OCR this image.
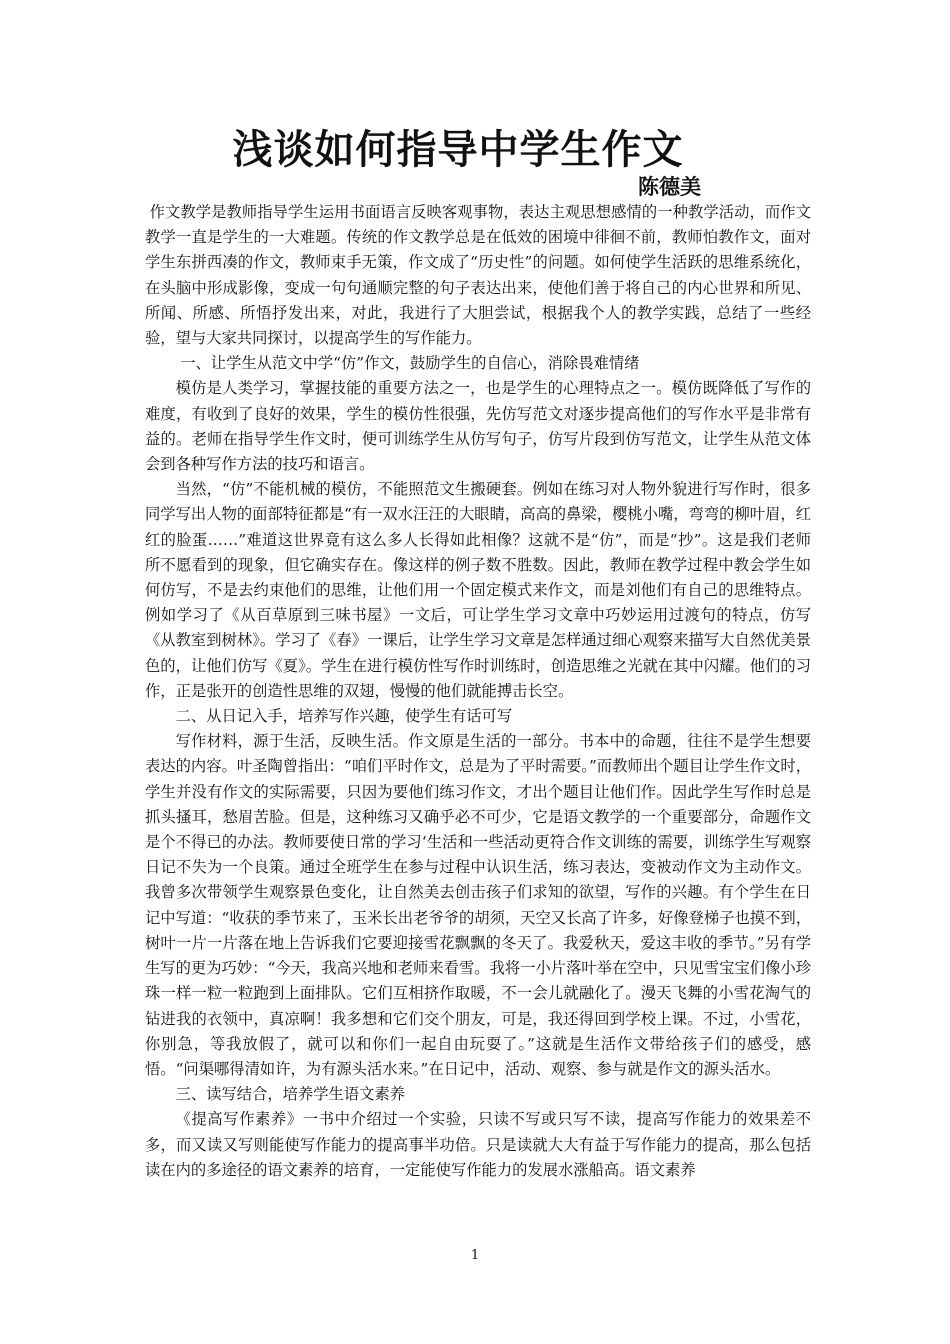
浅谈如何指导中学生作文
陈德美

作文教学是教师指导学生运用书面语言反映客观事物，表达主观思想感情的一种教学活动，而作文教学一直是学生的一大难题。传统的作文教学总是在低效的困境中徘徊不前，教师怕教作文，面对学生东拼西凑的作文，教师束手无策，作文成了“历史性”的问题。如何使学生活跃的思维系统化，在头脑中形成影像，变成一句句通顺完整的句子表达出来，使他们善于将自己的内心世界和所见、所闻、所感、所悟抒发出来，对此，我进行了大胆尝试，根据我个人的教学实践，总结了一些经验，望与大家共同探讨，以提高学生的写作能力。

一、让学生从范文中学“仿”作文，鼓励学生的自信心，消除畏难情绪

模仿是人类学习，掌握技能的重要方法之一，也是学生的心理特点之一。模仿既降低了写作的难度，有收到了良好的效果，学生的模仿性很强，先仿写范文对逐步提高他们的写作水平是非常有益的。老师在指导学生作文时，便可训练学生从仿写句子，仿写片段到仿写范文，让学生从范文体会到各种写作方法的技巧和语言。

当然，“仿”不能机械的模仿，不能照范文生搬硬套。例如在练习对人物外貌进行写作时，很多同学写出人物的面部特征都是“有一双水汪汪的大眼睛，高高的鼻梁，樱桃小嘴，弯弯的柳叶眉，红红的脸蛋……”难道这世界竟有这么多人长得如此相像？这就不是“仿”，而是“抄”。这是我们老师所不愿看到的现象，但它确实存在。像这样的例子数不胜数。因此，教师在教学过程中教会学生如何仿写，不是去约束他们的思维，让他们用一个固定模式来作文，而是刘他们有自己的思维特点。例如学习了《从百草原到三味书屋》一文后，可让学生学习文章中巧妙运用过渡句的特点，仿写《从教室到树林》。学习了《春》一课后，让学生学习文章是怎样通过细心观察来描写大自然优美景色的，让他们仿写《夏》。学生在进行模仿性写作时训练时，创造思维之光就在其中闪耀。他们的习作，正是张开的创造性思维的双翅，慢慢的他们就能搏击长空。

二、从日记入手，培养写作兴趣，使学生有话可写

写作材料，源于生活，反映生活。作文原是生活的一部分。书本中的命题，往往不是学生想要表达的内容。叶圣陶曾指出：“咱们平时作文，总是为了平时需要。”而教师出个题目让学生作文时，学生并没有作文的实际需要，只因为要他们练习作文，才出个题目让他们作。因此学生写作时总是抓头搔耳，愁眉苦脸。但是，这种练习又确乎必不可少，它是语文教学的一个重要部分，命题作文是个不得已的办法。教师要使日常的学习‘生活和一些活动更符合作文训练的需要，训练学生写观察日记不失为一个良策。通过全班学生在参与过程中认识生活，练习表达，变被动作文为主动作文。我曾多次带领学生观察景色变化，让自然美去创击孩子们求知的欲望，写作的兴趣。有个学生在日记中写道：“收获的季节来了，玉米长出老爷爷的胡须，天空又长高了许多，好像登梯子也摸不到，树叶一片一片落在地上告诉我们它要迎接雪花飘飘的冬天了。我爱秋天，爱这丰收的季节。”另有学生写的更为巧妙：“今天，我高兴地和老师来看雪。我将一小片落叶举在空中，只见雪宝宝们像小珍珠一样一粒一粒跑到上面排队。它们互相挤作取暖，不一会儿就融化了。漫天飞舞的小雪花淘气的钻进我的衣领中，真凉啊！我多想和它们交个朋友，可是，我还得回到学校上课。不过，小雪花，你别急，等我放假了，就可以和你们一起自由玩耍了。”这就是生活作文带给孩子们的感受，感悟。“问渠哪得清如许，为有源头活水来。”在日记中，活动、观察、参与就是作文的源头活水。

三、读写结合，培养学生语文素养

《提高写作素养》一书中介绍过一个实验，只读不写或只写不读，提高写作能力的效果差不多，而又读又写则能使写作能力的提高事半功倍。只是读就大大有益于写作能力的提高，那么包括读在内的多途径的语文素养的培育，一定能使写作能力的发展水涨船高。语文素养

1
